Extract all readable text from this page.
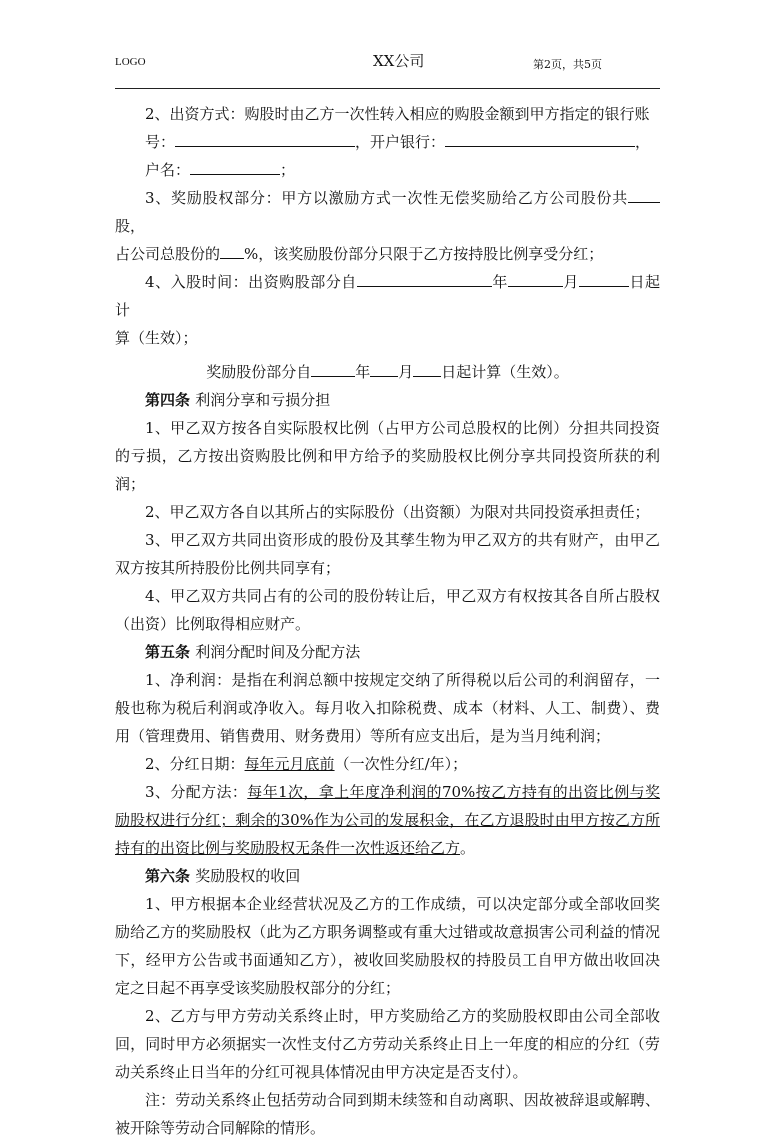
LOGO	XX公司	第2页，共5页

2、出资方式：购股时由乙方一次性转入相应的购股金额到甲方指定的银行账

号：	，开户银行：	，

户名：	；

3、奖励股权部分：甲方以激励方式一次性无偿奖励给乙方公司股份共股，

占公司总股份的 %，该奖励股份部分只限于乙方按持股比例享受分红；

4、入股时间：出资购股部分自	年	月	日起计

算（生效）；

奖励股份部分自	年 月 日起计算（生效）。

第四条 利润分享和亏损分担

1、甲乙双方按各自实际股权比例（占甲方公司总股权的比例）分担共同投资的亏损，乙方按出资购股比例和甲方给予的奖励股权比例分享共同投资所获的利润；

2、甲乙双方各自以其所占的实际股份（出资额）为限对共同投资承担责任；

3、甲乙双方共同出资形成的股份及其孳生物为甲乙双方的共有财产，由甲乙双方按其所持股份比例共同享有；

4、甲乙双方共同占有的公司的股份转让后，甲乙双方有权按其各自所占股权（出资）比例取得相应财产。

第五条 利润分配时间及分配方法

1、净利润：是指在利润总额中按规定交纳了所得税以后公司的利润留存，一般也称为税后利润或净收入。每月收入扣除税费、成本（材料、人工、制费）、费用（管理费用、销售费用、财务费用）等所有应支出后，是为当月纯利润；

2、分红日期：每年元月底前（一次性分红/年）；

3、分配方法：每年1次，拿上年度净利润的70%按乙方持有的出资比例与奖励股权进行分红；剩余的30%作为公司的发展积金，在乙方退股时由甲方按乙方所持有的出资比例与奖励股权无条件一次性返还给乙方。

第六条 奖励股权的收回

1、甲方根据本企业经营状况及乙方的工作成绩，可以决定部分或全部收回奖励给乙方的奖励股权（此为乙方职务调整或有重大过错或故意损害公司利益的情况下，经甲方公告或书面通知乙方），被收回奖励股权的持股员工自甲方做出收回决定之日起不再享受该奖励股权部分的分红；

2、乙方与甲方劳动关系终止时，甲方奖励给乙方的奖励股权即由公司全部收回，同时甲方必须据实一次性支付乙方劳动关系终止日上一年度的相应的分红（劳动关系终止日当年的分红可视具体情况由甲方决定是否支付）。

注：劳动关系终止包括劳动合同到期未续签和自动离职、因故被辞退或解聘、被开除等劳动合同解除的情形。
